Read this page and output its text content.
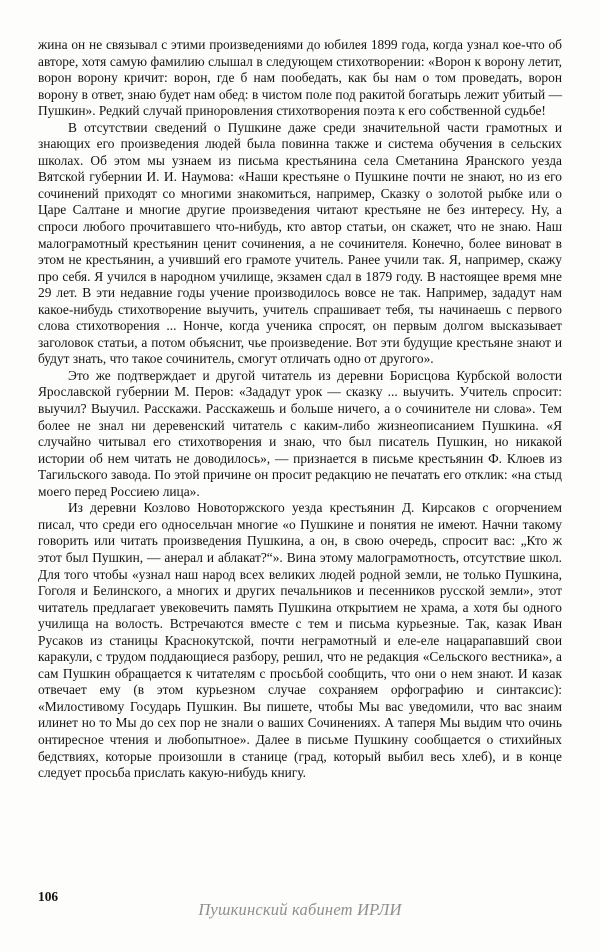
жина он не связывал с этими произведениями до юбилея 1899 года, когда узнал кое-что об авторе, хотя самую фамилию слышал в следующем стихотворении: «Ворон к ворону летит, ворон ворону кричит: ворон, где б нам пообедать, как бы нам о том проведать, ворон ворону в ответ, знаю будет нам обед: в чистом поле под ракитой богатырь лежит убитый — Пушкин». Редкий случай приноровления стихотворения поэта к его собственной судьбе!

В отсутствии сведений о Пушкине даже среди значительной части грамотных и знающих его произведения людей была повинна также и система обучения в сельских школах. Об этом мы узнаем из письма крестьянина села Сметанина Яранского уезда Вятской губернии И. И. Наумова: «Наши крестьяне о Пушкине почти не знают, но из его сочинений приходят со многими знакомиться, например, Сказку о золотой рыбке или о Царе Салтане и многие другие произведения читают крестьяне не без интересу. Ну, а спроси любого прочитавшего что-нибудь, кто автор статьи, он скажет, что не знаю. Наш малограмотный крестьянин ценит сочинения, а не сочинителя. Конечно, более виноват в этом не крестьянин, а учивший его грамоте учитель. Ранее учили так. Я, например, скажу про себя. Я учился в народном училище, экзамен сдал в 1879 году. В настоящее время мне 29 лет. В эти недавние годы учение производилось вовсе не так. Например, зададут нам какое-нибудь стихотворение выучить, учитель спрашивает тебя, ты начинаешь с первого слова стихотворения ... Нонче, когда ученика спросят, он первым долгом высказывает заголовок статьи, а потом объяснит, чье произведение. Вот эти будущие крестьяне знают и будут знать, что такое сочинитель, смогут отличать одно от другого».

Это же подтверждает и другой читатель из деревни Борисцова Курбской волости Ярославской губернии М. Перов: «Зададут урок — сказку ... выучить. Учитель спросит: выучил? Выучил. Расскажи. Расскажешь и больше ничего, а о сочинителе ни слова». Тем более не знал ни деревенский читатель с каким-либо жизнеописанием Пушкина. «Я случайно читывал его стихотворения и знаю, что был писатель Пушкин, но никакой истории об нем читать не доводилось», — признается в письме крестьянин Ф. Клюев из Тагильского завода. По этой причине он просит редакцию не печатать его отклик: «на стыд моего перед Россиею лица».

Из деревни Козлово Новоторжского уезда крестьянин Д. Кирсаков с огорчением писал, что среди его односельчан многие «о Пушкине и понятия не имеют. Начни такому говорить или читать произведения Пушкина, а он, в свою очередь, спросит вас: „Кто ж этот был Пушкин, — анерал и аблакат?“». Вина этому малограмотность, отсутствие школ. Для того чтобы «узнал наш народ всех великих людей родной земли, не только Пушкина, Гоголя и Белинского, а многих и других печальников и песенников русской земли», этот читатель предлагает увековечить память Пушкина открытием не храма, а хотя бы одного училища на волость. Встречаются вместе с тем и письма курьезные. Так, казак Иван Русаков из станицы Краснокутской, почти неграмотный и еле-еле нацарапавший свои каракули, с трудом поддающиеся разбору, решил, что не редакция «Сельского вестника», а сам Пушкин обращается к читателям с просьбой сообщить, что они о нем знают. И казак отвечает ему (в этом курьезном случае сохраняем орфографию и синтаксис): «Милостивому Государь Пушкин. Вы пишете, чтобы Мы вас уведомили, что вас знаим илинет но то Мы до сех пор не знали о ваших Сочинениях. А таперя Мы выдим что очинь онтиресное чтения и любопытное». Далее в письме Пушкину сообщается о стихийных бедствиях, которые произошли в станице (град, который выбил весь хлеб), и в конце следует просьба прислать какую-нибудь книгу.

106
Пушкинский кабинет ИРЛИ
